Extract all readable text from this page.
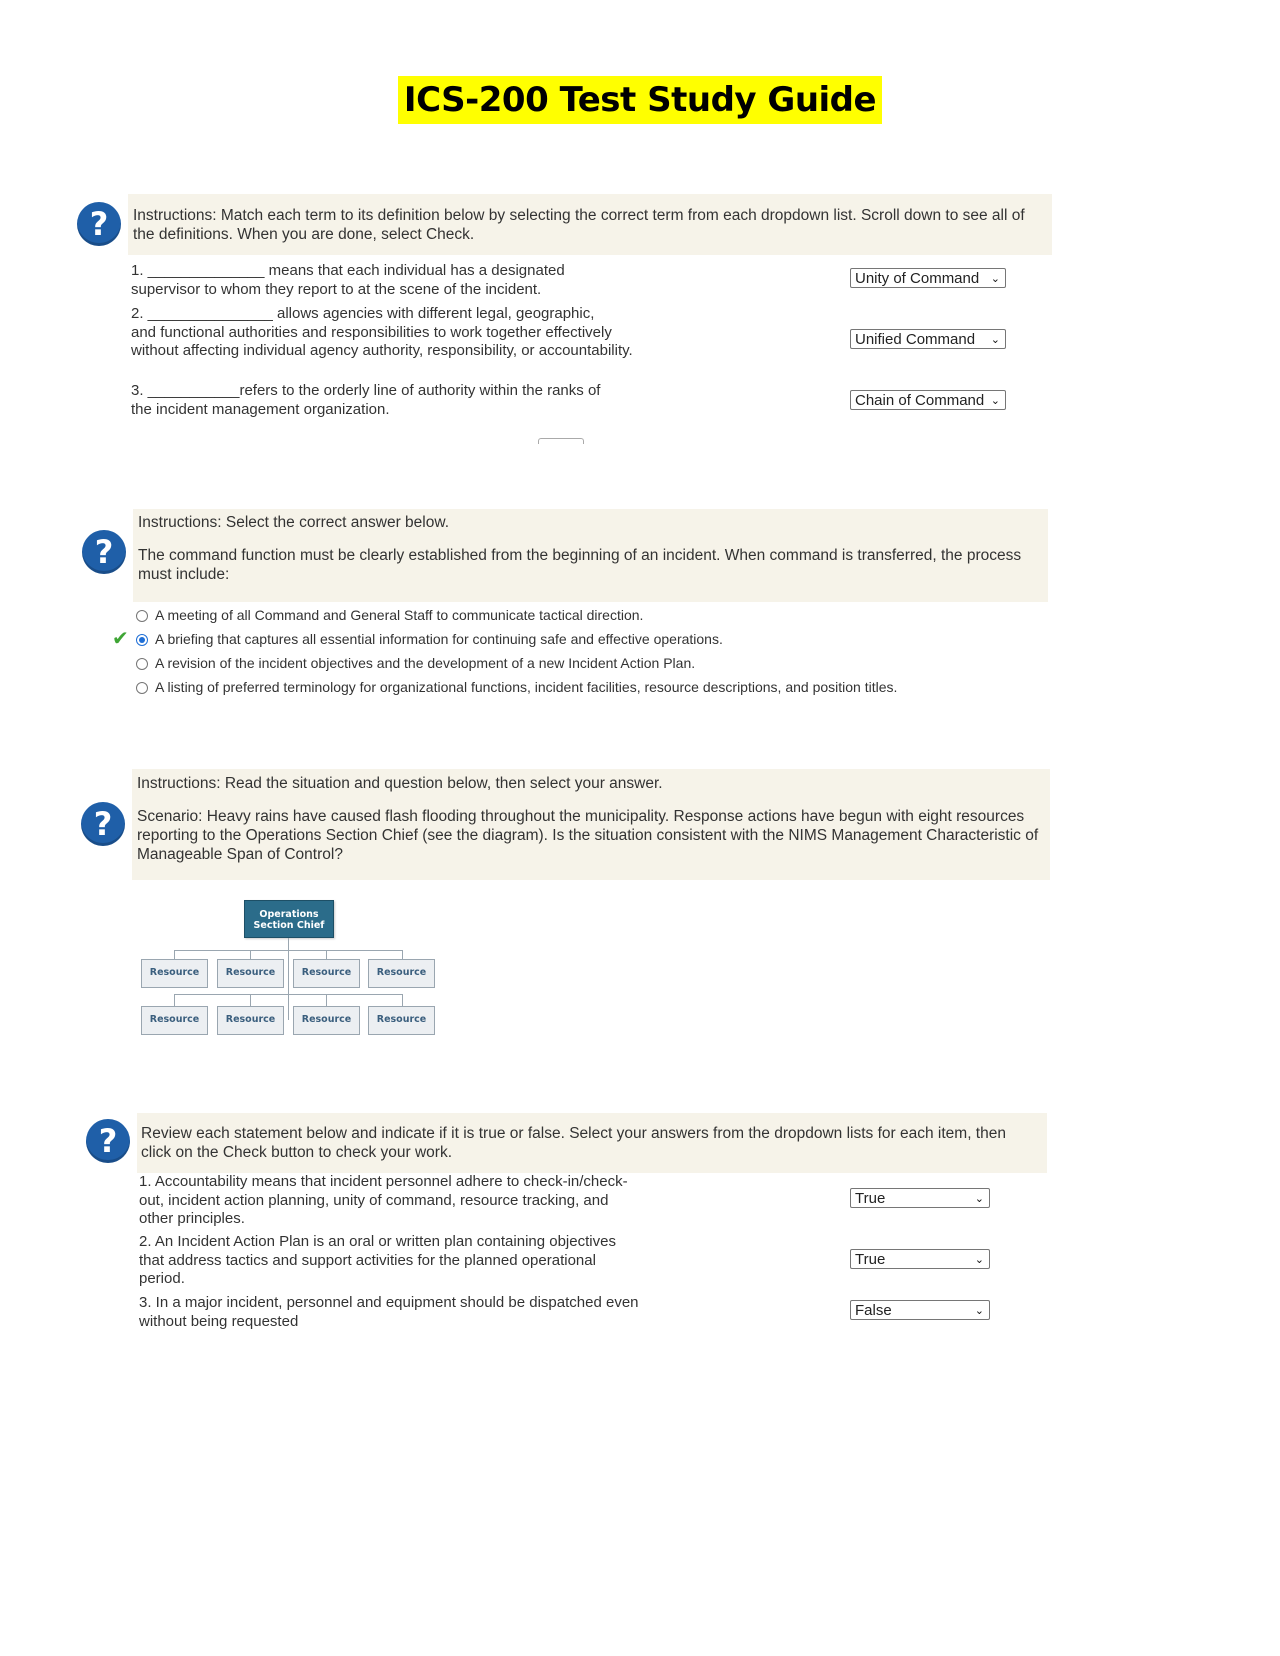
ICS-200 Test Study Guide
?	Instructions: Match each term to its definition below by selecting the correct term from each dropdown list. Scroll down to see all of the definitions. When you are done, select Check.

1. ______________ means that each individual has a designated
supervisor to whom they report to at the scene of the incident.
Unity of Command ⌄
2. _______________ allows agencies with different legal, geographic,
and functional authorities and responsibilities to work together effectively without affecting individual agency authority, responsibility, or accountability.
Unified Command ⌄
3. ___________refers to the orderly line of authority within the ranks of
the incident management organization.	Chain of Command ⌄
?

Instructions: Select the correct answer below.

The command function must be clearly established from the beginning of an incident. When command is transferred, the process must include:

✔
A meeting of all Command and General Staff to communicate tactical direction.
A briefing that captures all essential information for continuing safe and effective operations.
A revision of the incident objectives and the development of a new Incident Action Plan.
A listing of preferred terminology for organizational functions, incident facilities, resource descriptions, and position titles.
?

Instructions: Read the situation and question below, then select your answer.

Scenario: Heavy rains have caused flash flooding throughout the municipality. Response actions have begun with eight resources reporting to the Operations Section Chief (see the diagram). Is the situation consistent with the NIMS Management Characteristic of Manageable Span of Control?

Operations
Section Chief
Resource	Resource	Resource	Resource
Resource	Resource	Resource	Resource
?	Review each statement below and indicate if it is true or false. Select your answers from the dropdown lists for each item, then click on the Check button to check your work.

1. Accountability means that incident personnel adhere to check-in/check-out, incident action planning, unity of command, resource tracking, and other principles.
True	⌄
2. An Incident Action Plan is an oral or written plan containing objectives that address tactics and support activities for the planned operational period.
True	⌄
3. In a major incident, personnel and equipment should be dispatched even without being requested
False	⌄
